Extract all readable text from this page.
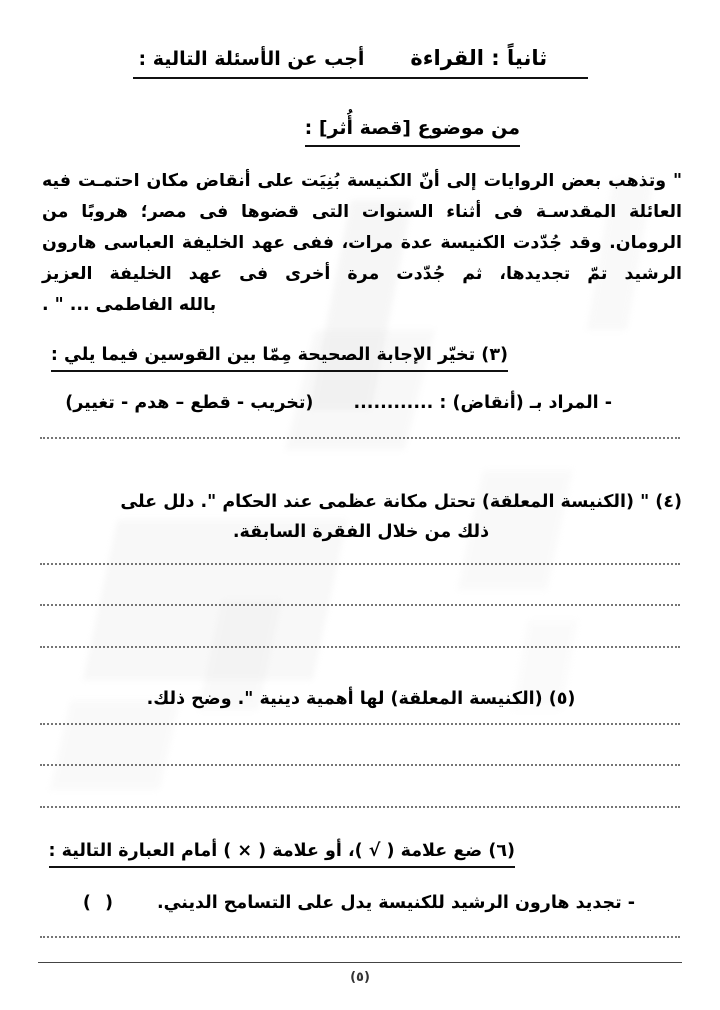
ثانياً : القراءة
أجب عن الأسئلة التالية :
من موضوع [قصة أُثر] :
" وتذهب بعض الروايات إلى أنّ الكنيسة بُنِيَت على أنقاض مكان احتمـت فيه العائلة المقدسـة فى أثناء السنوات التى قضوها فى مصر؛ هروبًا من الرومان. وقد جُدّدت الكنيسة عدة مرات، ففى عهد الخليفة العباسى هارون الرشيد تمّ تجديدها، ثم جُدّدت مرة أخرى فى عهد الخليفة العزيز
بالله الفاطمى ... " .
(٣) تخيّر الإجابة الصحيحة مِمّا بين القوسين فيما يلي :
- المراد بـ (أنقاض) : ............ (تخريب - قطع – هدم - تغيير)
(٤) " (الكنيسة المعلقة) تحتل مكانة عظمى عند الحكام ". دلل على
ذلك من خلال الفقرة السابقة.
(٥) (الكنيسة المعلقة) لها أهمية دينية ". وضح ذلك.
(٦) ضع علامة ( √ )، أو علامة ( × ) أمام العبارة التالية :
- تجديد هارون الرشيد للكنيسة يدل على التسامح الديني.
( )
(٥)
